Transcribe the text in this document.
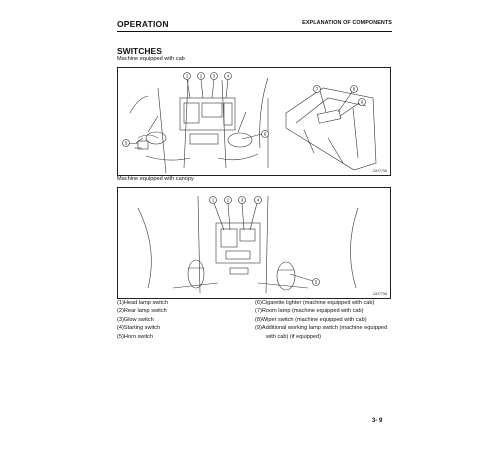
OPERATION	EXPLANATION OF COMPONENTS
SWITCHES
Machine equipped with cab
1	2	3	4
5
6
7	8
9
3JH7756
Machine equipped with canopy
1	2	3	4
5
3JH7758
(1)Head lamp switch
(2)Rear lamp switch
(3)Glow switch
(4)Starting switch
(5)Horn switch
(6)Cigarette lighter (machine equipped with cab)
(7)Room lamp (machine equipped with cab)
(8)Wiper switch (machine equipped with cab)
(9)Additional working lamp switch (machine equipped
with cab) (if equipped)
3- 9
